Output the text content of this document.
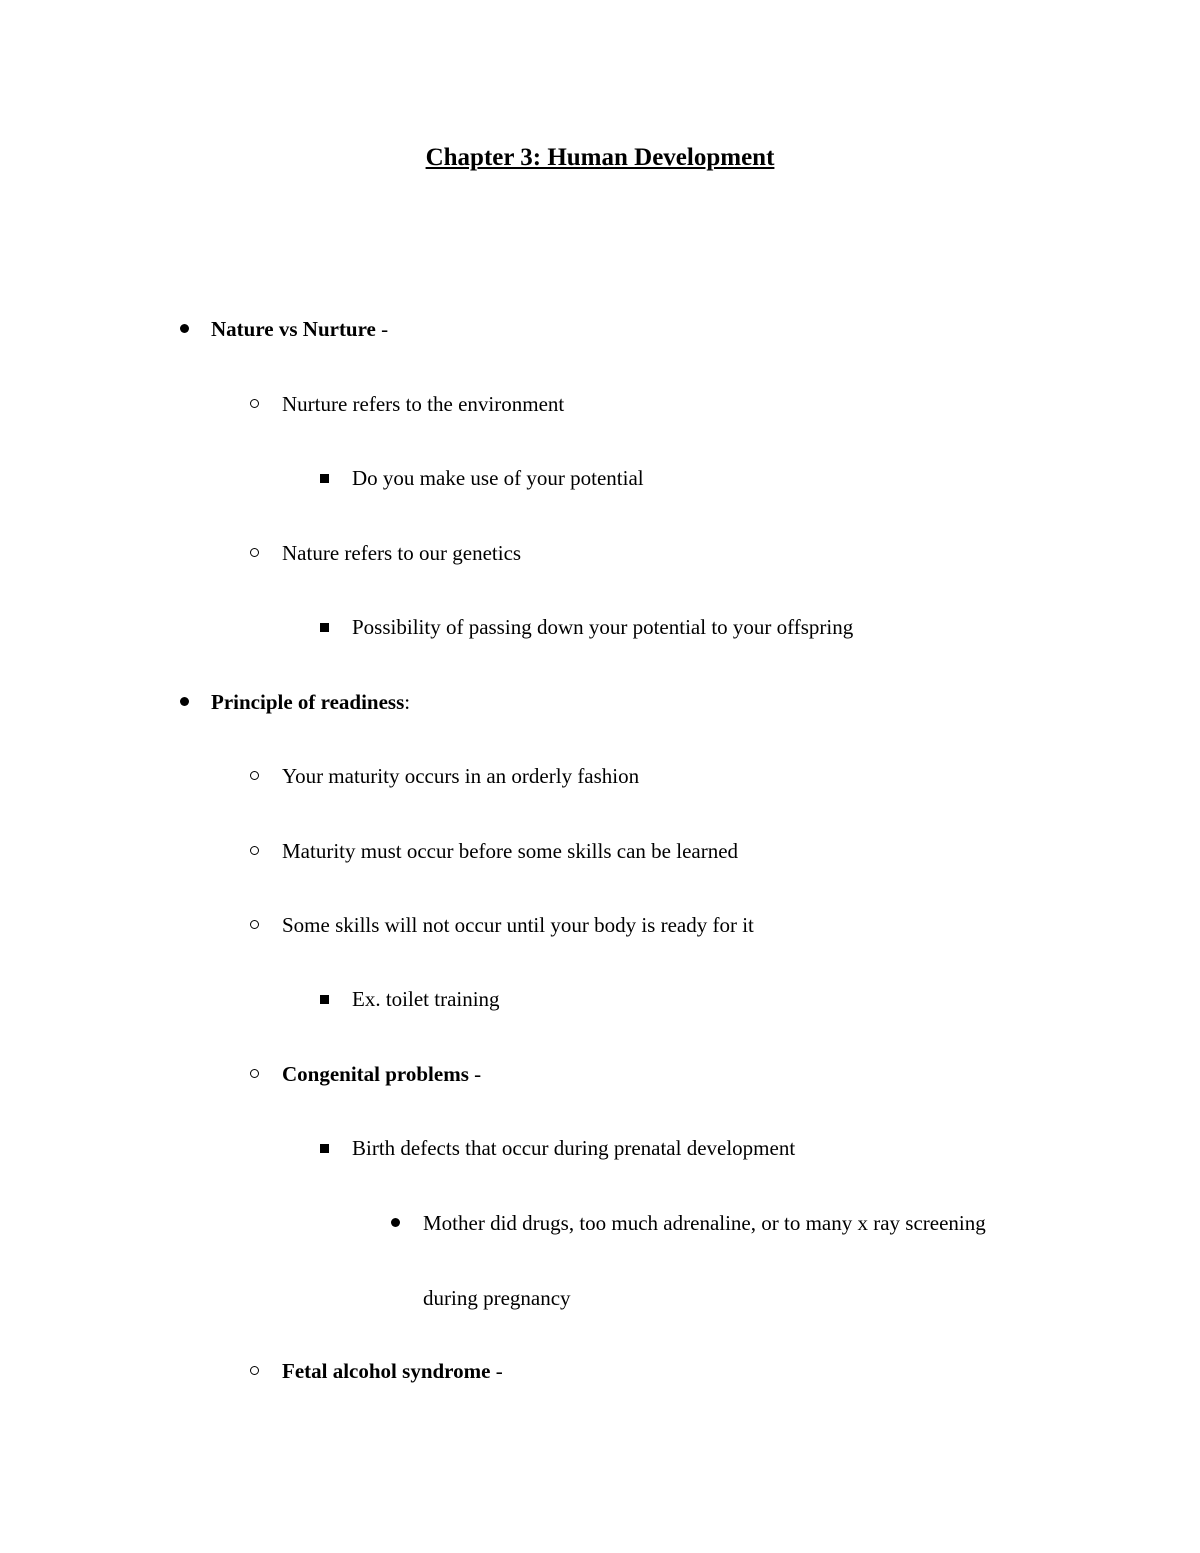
Chapter 3: Human Development
Nature vs Nurture -
Nurture refers to the environment
Do you make use of your potential
Nature refers to our genetics
Possibility of passing down your potential to your offspring
Principle of readiness:
Your maturity occurs in an orderly fashion
Maturity must occur before some skills can be learned
Some skills will not occur until your body is ready for it
Ex. toilet training
Congenital problems -
Birth defects that occur during prenatal development
Mother did drugs, too much adrenaline, or to many x ray screening
during pregnancy
Fetal alcohol syndrome -
